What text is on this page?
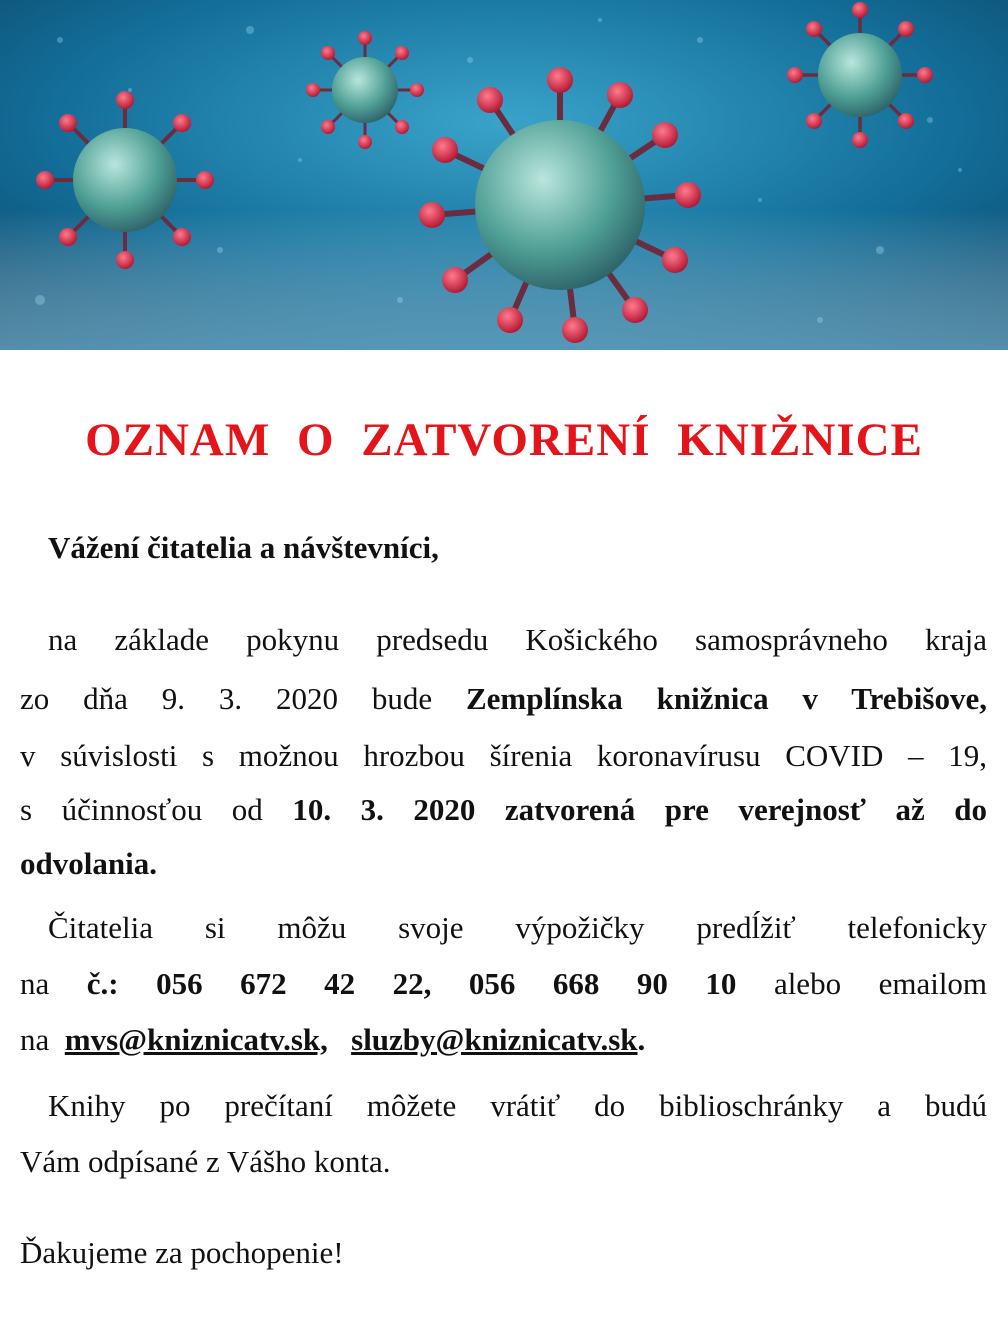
OZNAM O ZATVORENÍ KNIŽNICE
Vážení čitatelia a návštevníci,
na základe pokynu predsedu Košického samosprávneho kraja
zo dňa 9. 3. 2020 bude Zemplínska knižnica v Trebišove,
v súvislosti s možnou hrozbou šírenia koronavírusu COVID – 19,
s účinnosťou od 10. 3. 2020 zatvorená pre verejnosť až do
odvolania.
Čitatelia si môžu svoje výpožičky predĺžiť telefonicky
na č.: 056 672 42 22, 056 668 90 10 alebo emailom
na mvs@kniznicatv.sk, sluzby@kniznicatv.sk.
Knihy po prečítaní môžete vrátiť do biblioschránky a budú
Vám odpísané z Vášho konta.
Ďakujeme za pochopenie!
